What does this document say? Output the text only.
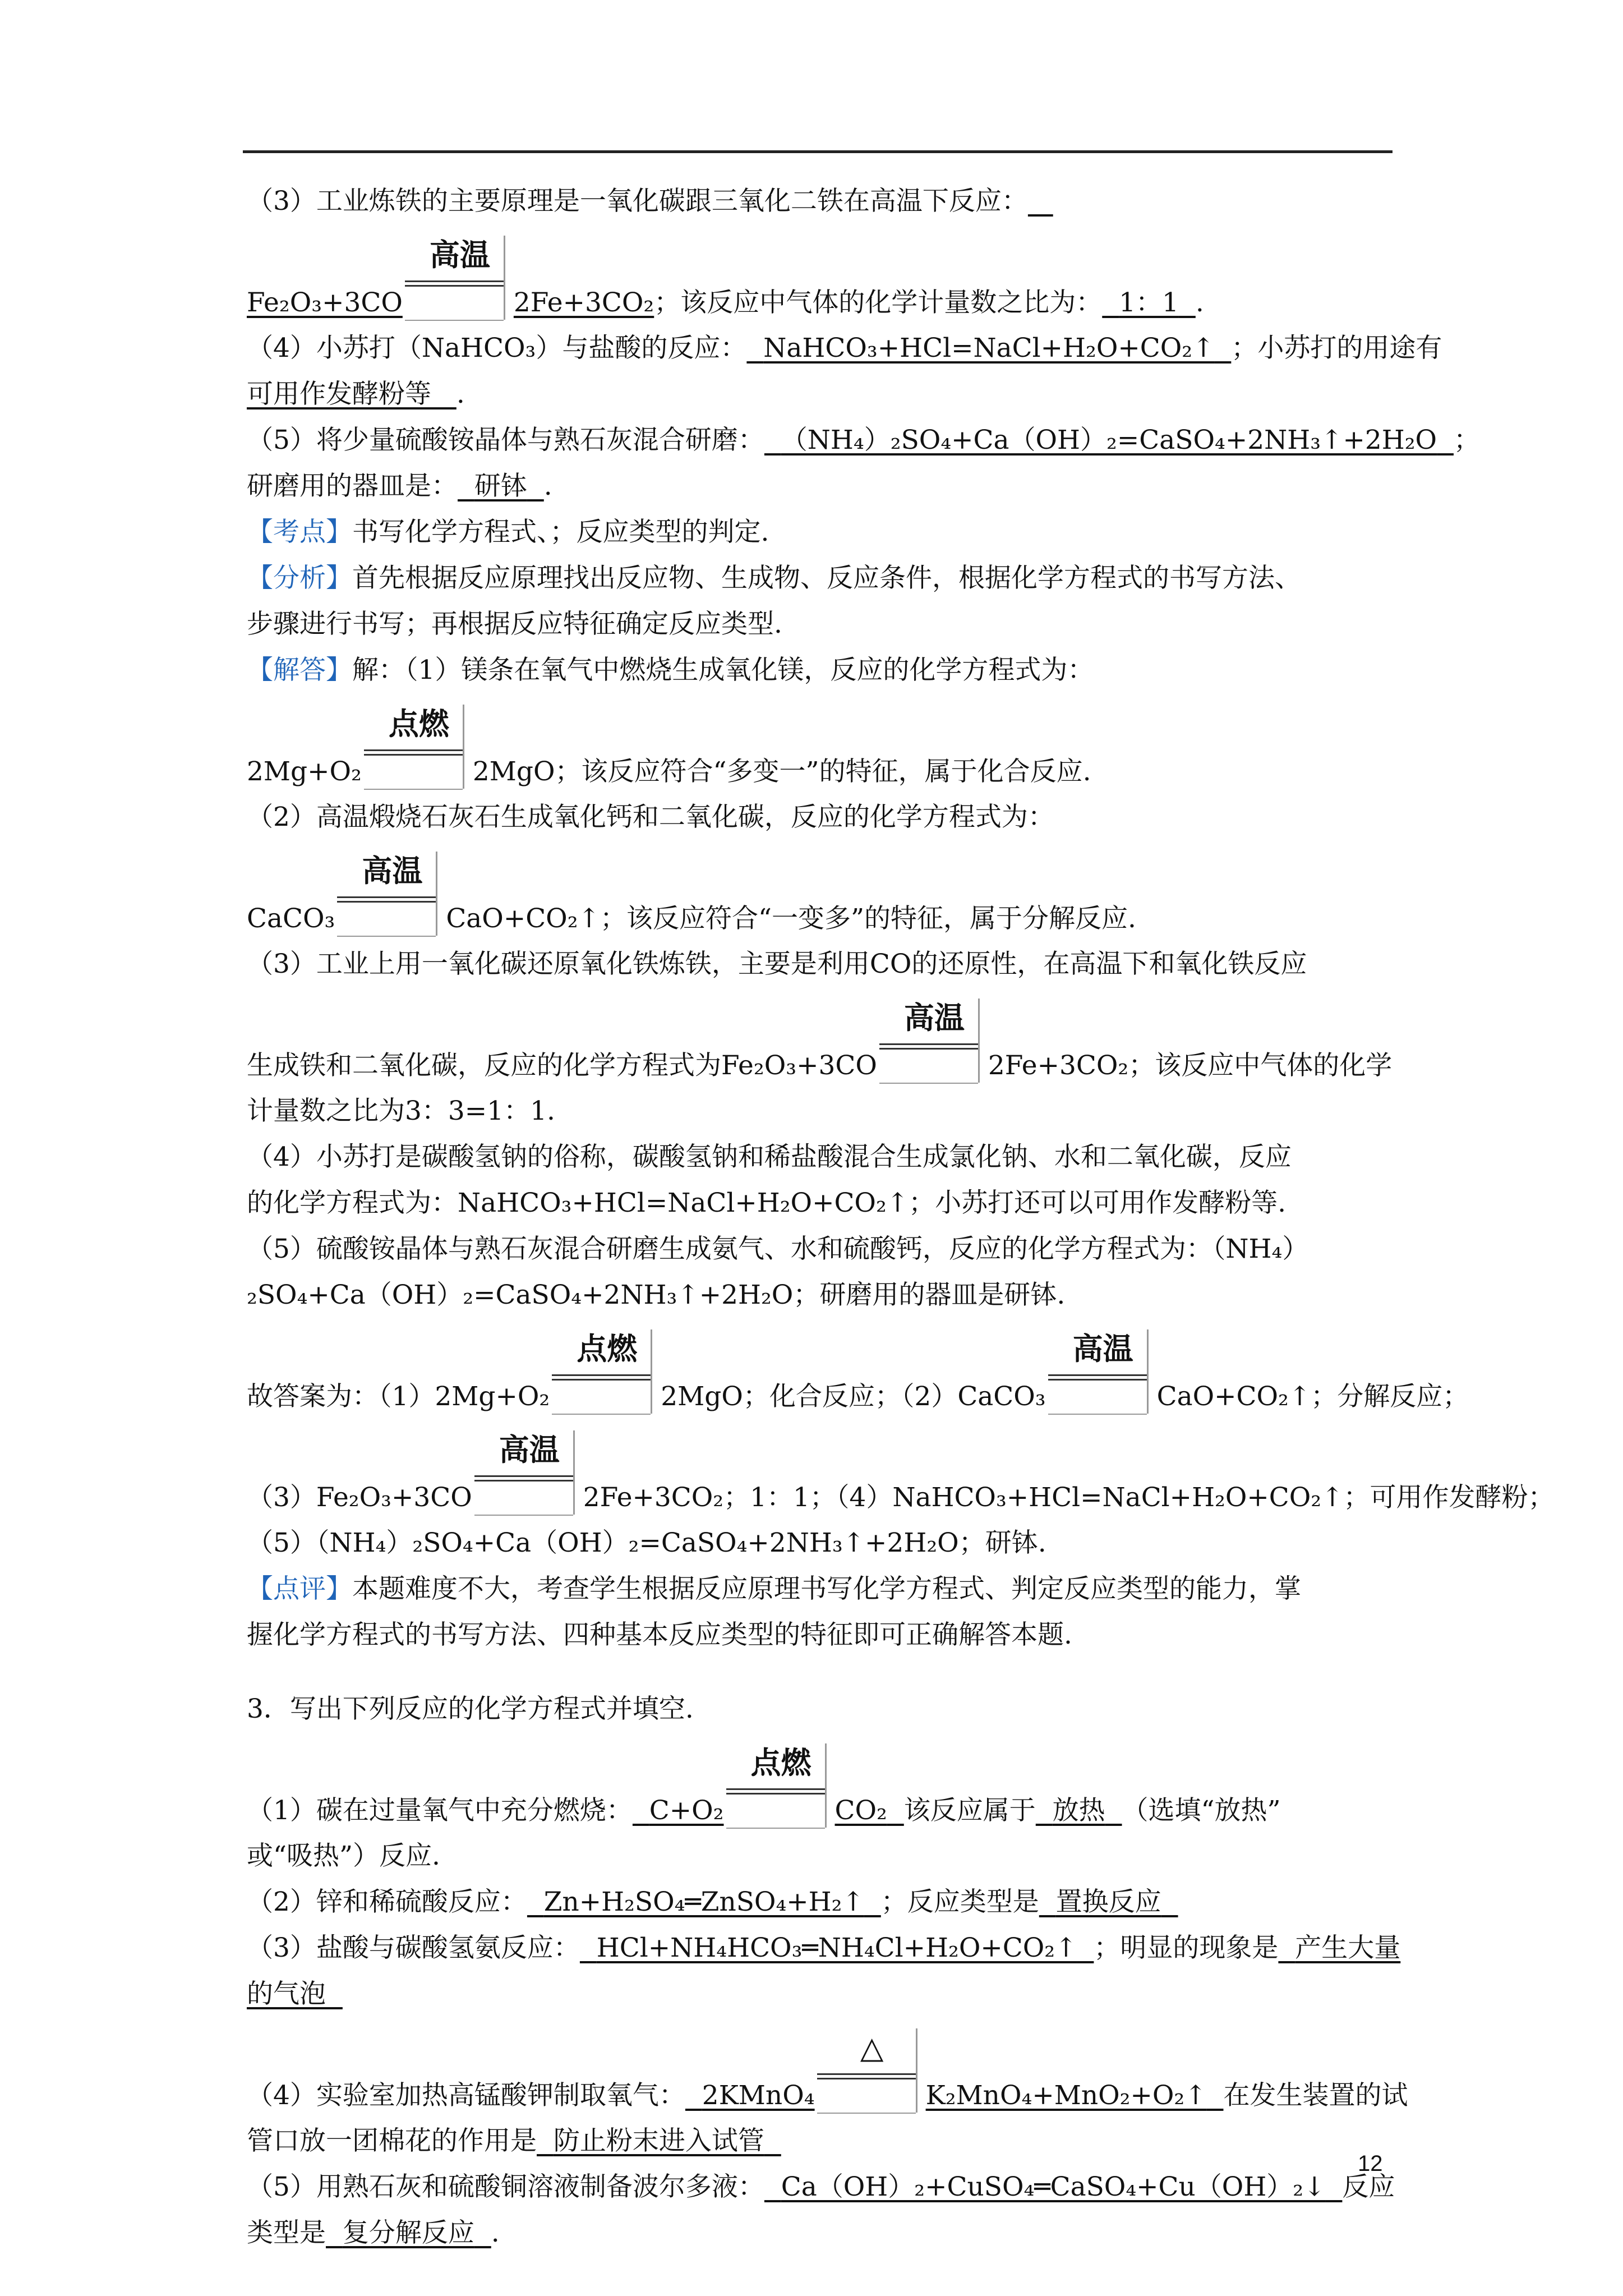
（3）工业炼铁的主要原理是一氧化碳跟三氧化二铁在高温下反应：
Fe₂O₃+3CO
高温
2Fe+3CO₂；该反应中气体的化学计量数之比为： 1：1 .
（4）小苏打（NaHCO₃）与盐酸的反应： NaHCO₃+HCl=NaCl+H₂O+CO₂↑ ；小苏打的用途有
可用作发酵粉等 .
（5）将少量硫酸铵晶体与熟石灰混合研磨： （NH₄）₂SO₄+Ca（OH）₂=CaSO₄+2NH₃↑+2H₂O ；
研磨用的器皿是： 研钵 .
【考点】书写化学方程式、；反应类型的判定.
【分析】首先根据反应原理找出反应物、生成物、反应条件，根据化学方程式的书写方法、
步骤进行书写；再根据反应特征确定反应类型.
【解答】解：（1）镁条在氧气中燃烧生成氧化镁，反应的化学方程式为：
2Mg+O₂
点燃
2MgO；该反应符合“多变一”的特征，属于化合反应.
（2）高温煅烧石灰石生成氧化钙和二氧化碳，反应的化学方程式为：
CaCO₃
高温
CaO+CO₂↑；该反应符合“一变多”的特征，属于分解反应.
（3）工业上用一氧化碳还原氧化铁炼铁，主要是利用CO的还原性，在高温下和氧化铁反应
生成铁和二氧化碳，反应的化学方程式为Fe₂O₃+3CO
高温
2Fe+3CO₂；该反应中气体的化学
计量数之比为3：3=1：1.
（4）小苏打是碳酸氢钠的俗称，碳酸氢钠和稀盐酸混合生成氯化钠、水和二氧化碳，反应
的化学方程式为：NaHCO₃+HCl=NaCl+H₂O+CO₂↑；小苏打还可以可用作发酵粉等.
（5）硫酸铵晶体与熟石灰混合研磨生成氨气、水和硫酸钙，反应的化学方程式为：（NH₄）
₂SO₄+Ca（OH）₂=CaSO₄+2NH₃↑+2H₂O；研磨用的器皿是研钵.
故答案为：（1）2Mg+O₂
点燃
2MgO；化合反应；（2）CaCO₃
高温
CaO+CO₂↑；分解反应；
（3）Fe₂O₃+3CO
高温
2Fe+3CO₂；1：1；（4）NaHCO₃+HCl=NaCl+H₂O+CO₂↑；可用作发酵粉；
（5）（NH₄）₂SO₄+Ca（OH）₂=CaSO₄+2NH₃↑+2H₂O；研钵.
【点评】本题难度不大，考查学生根据反应原理书写化学方程式、判定反应类型的能力，掌
握化学方程式的书写方法、四种基本反应类型的特征即可正确解答本题.
3．写出下列反应的化学方程式并填空.
（1）碳在过量氧气中充分燃烧： C+O₂
点燃
CO₂ 该反应属于 放热 （选填“放热”
或“吸热”）反应.
（2）锌和稀硫酸反应： Zn+H₂SO₄═ZnSO₄+H₂↑ ；反应类型是 置换反应
（3）盐酸与碳酸氢氨反应： HCl+NH₄HCO₃═NH₄Cl+H₂O+CO₂↑ ；明显的现象是 产生大量
的气泡
（4）实验室加热高锰酸钾制取氧气： 2KMnO₄
△
K₂MnO₄+MnO₂+O₂↑ 在发生装置的试
管口放一团棉花的作用是 防止粉末进入试管
（5）用熟石灰和硫酸铜溶液制备波尔多液： Ca（OH）₂+CuSO₄═CaSO₄+Cu（OH）₂↓ 反应
类型是 复分解反应 .
12
